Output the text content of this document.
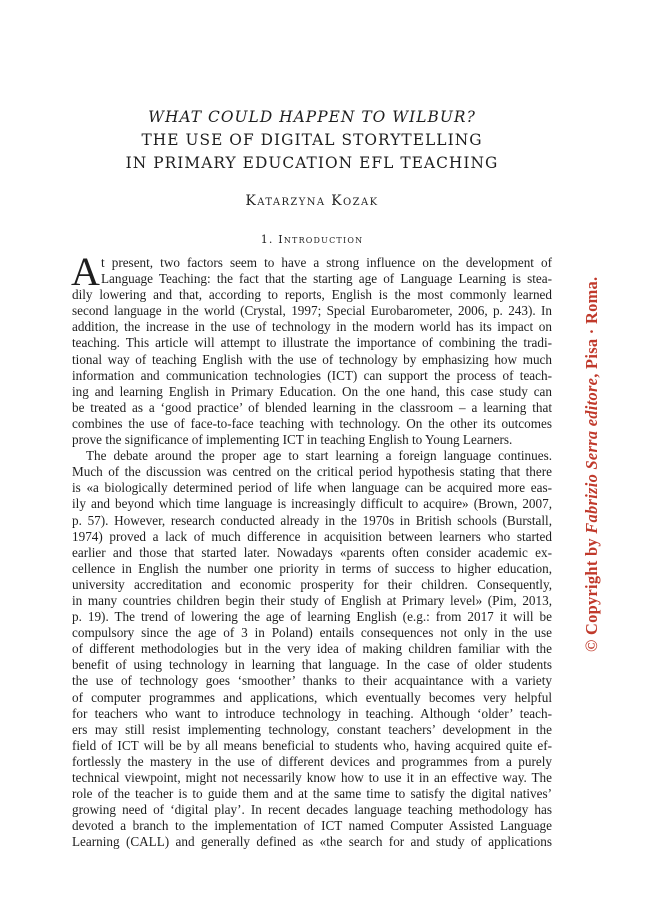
WHAT COULD HAPPEN TO WILBUR?
THE USE OF DIGITAL STORYTELLING
IN PRIMARY EDUCATION EFL TEACHING
Katarzyna Kozak
1. Introduction
A t present, two factors seem to have a strong influence on the development of
Language Teaching: the fact that the starting age of Language Learning is stea-
dily lowering and that, according to reports, English is the most commonly learned
second language in the world (Crystal, 1997; Special Eurobarometer, 2006, p. 243). In
addition, the increase in the use of technology in the modern world has its impact on
teaching. This article will attempt to illustrate the importance of combining the tradi-
tional way of teaching English with the use of technology by emphasizing how much
information and communication technologies (ICT) can support the process of teach-
ing and learning English in Primary Education. On the one hand, this case study can
be treated as a ‘good practice’ of blended learning in the classroom – a learning that
combines the use of face-to-face teaching with technology. On the other its outcomes
prove the significance of implementing ICT in teaching English to Young Learners.
The debate around the proper age to start learning a foreign language continues.
Much of the discussion was centred on the critical period hypothesis stating that there
is «a biologically determined period of life when language can be acquired more eas-
ily and beyond which time language is increasingly difficult to acquire» (Brown, 2007,
p. 57). However, research conducted already in the 1970s in British schools (Burstall,
1974) proved a lack of much difference in acquisition between learners who started
earlier and those that started later. Nowadays «parents often consider academic ex-
cellence in English the number one priority in terms of success to higher education,
university accreditation and economic prosperity for their children. Consequently,
in many countries children begin their study of English at Primary level» (Pim, 2013,
p. 19). The trend of lowering the age of learning English (e.g.: from 2017 it will be
compulsory since the age of 3 in Poland) entails consequences not only in the use
of different methodologies but in the very idea of making children familiar with the
benefit of using technology in learning that language. In the case of older students
the use of technology goes ‘smoother’ thanks to their acquaintance with a variety
of computer programmes and applications, which eventually becomes very helpful
for teachers who want to introduce technology in teaching. Although ‘older’ teach-
ers may still resist implementing technology, constant teachers’ development in the
field of ICT will be by all means beneficial to students who, having acquired quite ef-
fortlessly the mastery in the use of different devices and programmes from a purely
technical viewpoint, might not necessarily know how to use it in an effective way. The
role of the teacher is to guide them and at the same time to satisfy the digital natives’
growing need of ‘digital play’. In recent decades language teaching methodology has
devoted a branch to the implementation of ICT named Computer Assisted Language
Learning (CALL) and generally defined as «the search for and study of applications
© Copyright by Fabrizio Serra editore, Pisa · Roma.
